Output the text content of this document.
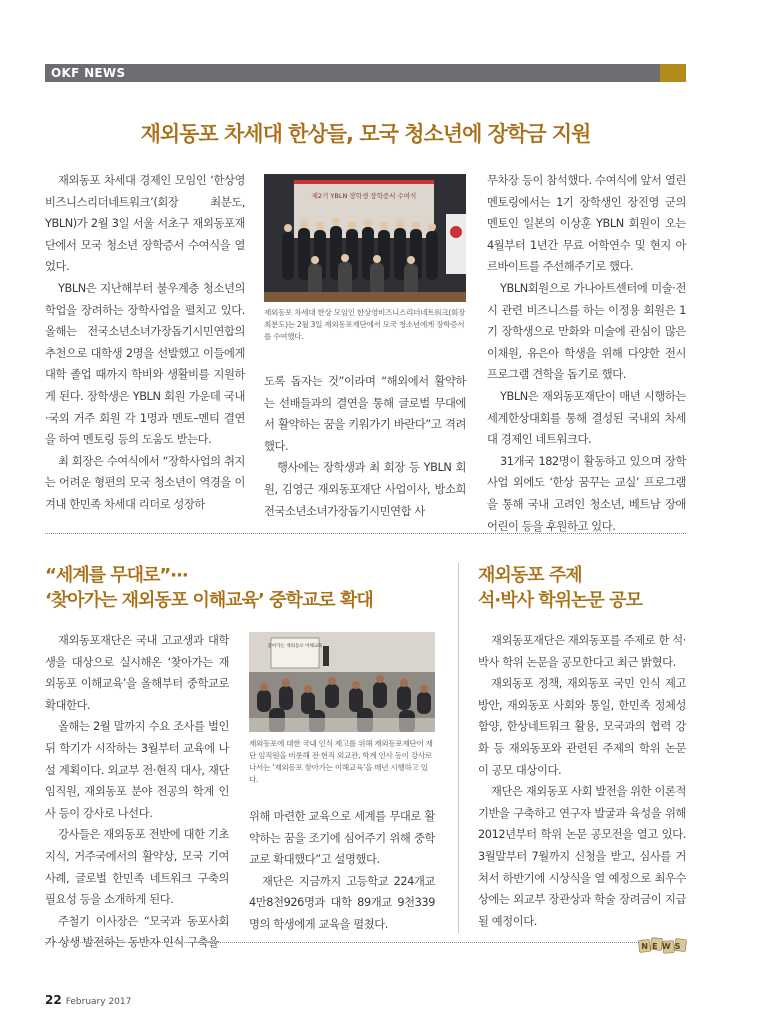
OKF NEWS
재외동포 차세대 한상들, 모국 청소년에 장학금 지원

재외동포 차세대 경제인 모임인 ‘한상영비즈니스리더네트워크’(회장 최분도, YBLN)가 2월 3일 서울 서초구 재외동포재단에서 모국 청소년 장학증서 수여식을 열었다.

YBLN은 지난해부터 불우계층 청소년의 학업을 장려하는 장학사업을 펼치고 있다. 올해는 전국소년소녀가장돕기시민연합의 추천으로 대학생 2명을 선발했고 이들에게 대학 졸업 때까지 학비와 생활비를 지원하게 된다. 장학생은 YBLN 회원 가운데 국내·국외 거주 회원 각 1명과 멘토–멘티 결연을 하여 멘토링 등의 도움도 받는다.

최 회장은 수여식에서 “장학사업의 취지는 어려운 형편의 모국 청소년이 역경을 이겨내 한민족 차세대 리더로 성장하

제2기 YBLN 장학생 장학증서 수여식
재외동포 차세대 한상 모임인 한상영비즈니스리더네트워크(회장 최분도)는 2월 3일 재외동포재단에서 모국 청소년에게 장학증서를 수여했다.

도록 돕자는 것”이라며 “해외에서 활약하는 선배들과의 결연을 통해 글로벌 무대에서 활약하는 꿈을 키워가기 바란다”고 격려했다.

행사에는 장학생과 최 회장 등 YBLN 회원, 김영근 재외동포재단 사업이사, 방소희 전국소년소녀가장돕기시민연합 사

무차장 등이 참석했다. 수여식에 앞서 열린 멘토링에서는 1기 장학생인 장진영 군의 멘토인 일본의 이상훈 YBLN 회원이 오는 4월부터 1년간 무료 어학연수 및 현지 아르바이트를 주선해주기로 했다.

YBLN회원으로 가나아트센터에 미술·전시 관련 비즈니스를 하는 이정용 회원은 1기 장학생으로 만화와 미술에 관심이 많은 이채원, 유은아 학생을 위해 다양한 전시 프로그램 견학을 돕기로 했다.

YBLN은 재외동포재단이 매년 시행하는 세계한상대회를 통해 결성된 국내외 차세대 경제인 네트워크다.

31개국 182명이 활동하고 있으며 장학사업 외에도 ‘한상 꿈꾸는 교실’ 프로그램을 통해 국내 고려인 청소년, 베트남 장애 어린이 등을 후원하고 있다.

“세계를 무대로”···
‘찾아가는 재외동포 이해교육’ 중학교로 확대

재외동포재단은 국내 고교생과 대학생을 대상으로 실시해온 ‘찾아가는 재외동포 이해교육’을 올해부터 중학교로 확대한다.

올해는 2월 말까지 수요 조사를 벌인 뒤 학기가 시작하는 3월부터 교육에 나설 계획이다. 외교부 전·현직 대사, 재단 임직원, 재외동포 분야 전공의 학계 인사 등이 강사로 나선다.

강사들은 재외동포 전반에 대한 기초 지식, 거주국에서의 활약상, 모국 기여 사례, 글로벌 한민족 네트워크 구축의 필요성 등을 소개하게 된다.

주철기 이사장은 “모국과 동포사회가 상생 발전하는 동반자 인식 구축을

찾아가는 재외동포 이해교육
재외동포에 대한 국내 인식 제고를 위해 재외동포재단이 재단 임직원을 비롯해 전·현직 외교관, 학계 인사 등이 강사로 나서는 ‘재외동포 찾아가는 이해교육’을 매년 시행하고 있다.

위해 마련한 교육으로 세계를 무대로 활약하는 꿈을 조기에 심어주기 위해 중학교로 확대했다”고 설명했다.

재단은 지금까지 고등학교 224개교 4만8천926명과 대학 89개교 9천339명의 학생에게 교육을 펼쳤다.

재외동포 주제
석·박사 학위논문 공모

재외동포재단은 재외동포를 주제로 한 석·박사 학위 논문을 공모한다고 최근 밝혔다.

재외동포 정책, 재외동포 국민 인식 제고 방안, 재외동포 사회와 통일, 한민족 정체성 함양, 한상네트워크 활용, 모국과의 협력 강화 등 재외동포와 관련된 주제의 학위 논문이 공모 대상이다.

재단은 재외동포 사회 발전을 위한 이론적 기반을 구축하고 연구자 발굴과 육성을 위해 2012년부터 학위 논문 공모전을 열고 있다. 3월말부터 7월까지 신청을 받고, 심사를 거쳐서 하반기에 시상식을 열 예정으로 최우수상에는 외교부 장관상과 학술 장려금이 지급될 예정이다.

NEWS
22 February 2017
